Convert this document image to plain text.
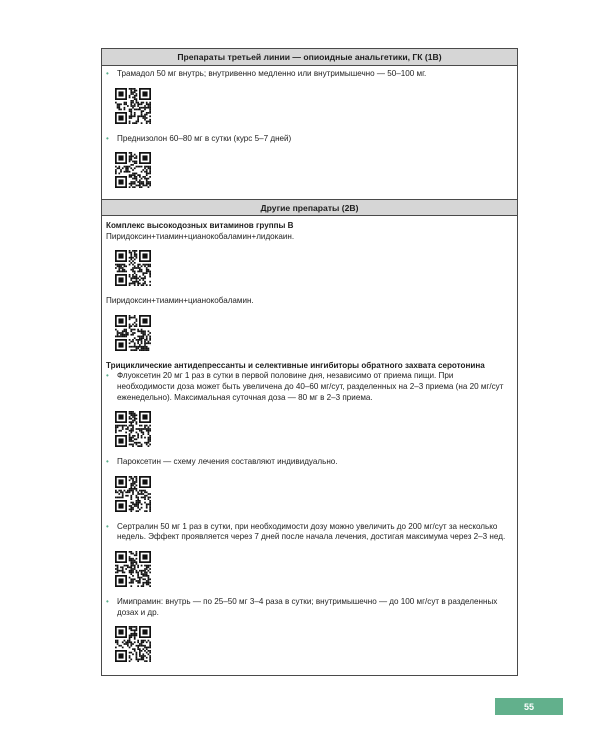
Препараты третьей линии — опиоидные анальгетики, ГК (1В)
•	Трамадол 50 мг внутрь; внутривенно медленно или внутримышечно — 50–100 мг.
•	Преднизолон 60–80 мг в сутки (курс 5–7 дней)
Другие препараты (2В)
Комплекс высокодозных витаминов группы В
Пиридоксин+тиамин+цианокобаламин+лидокаин.
Пиридоксин+тиамин+цианокобаламин.
Трициклические антидепрессанты и селективные ингибиторы обратного захвата серотонина
•	Флуоксетин 20 мг 1 раз в сутки в первой половине дня, независимо от приема пищи. При необходимости доза может быть увеличена до 40–60 мг/сут, разделенных на 2–3 приема (на 20 мг/сут еженедельно). Максимальная суточная доза — 80 мг в 2–3 приема.
•	Пароксетин — схему лечения составляют индивидуально.
•	Сертралин 50 мг 1 раз в сутки, при необходимости дозу можно увеличить до 200 мг/сут за несколько недель. Эффект проявляется через 7 дней после начала лечения, достигая максимума через 2–3 нед.
•	Имипрамин: внутрь — по 25–50 мг 3–4 раза в сутки; внутримышечно — до 100 мг/сут в разделенных дозах и др.
55
